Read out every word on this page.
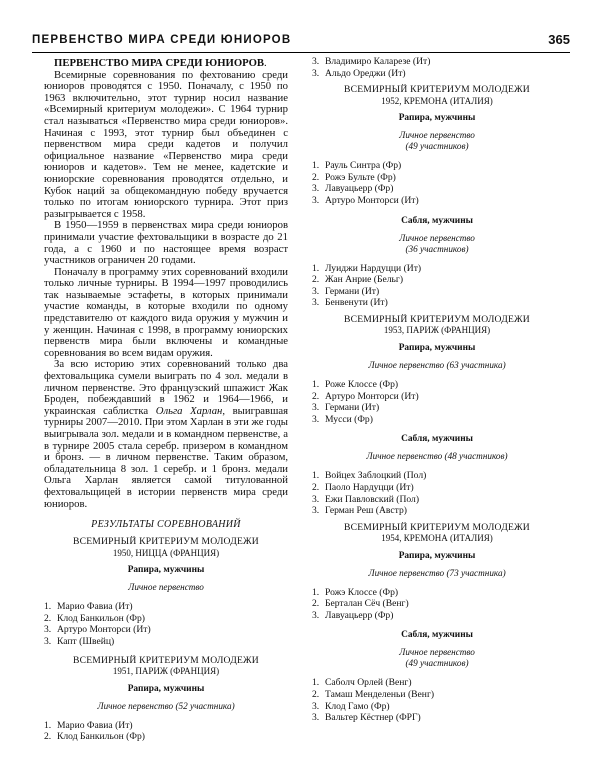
ПЕРВЕНСТВО МИРА СРЕДИ ЮНИОРОВ	365

ПЕРВЕНСТВО МИРА СРЕДИ ЮНИОРОВ.

Всемирные соревнования по фехтованию среди юниоров проводятся с 1950. Поначалу, с 1950 по 1963 включительно, этот турнир носил название «Всемирный критериум молодежи». С 1964 турнир стал называться «Первенство мира среди юниоров». Начиная с 1993, этот турнир был объединен с первенством мира среди кадетов и получил официальное название «Первенство мира среди юниоров и кадетов». Тем не менее, кадетские и юниорские соревнования проводятся отдельно, и Кубок наций за общекомандную победу вручается только по итогам юниорского турнира. Этот приз разыгрывается с 1958.

В 1950—1959 в первенствах мира среди юниоров принимали участие фехтовальщики в возрасте до 21 года, а с 1960 и по настоящее время возраст участников ограничен 20 годами.

Поначалу в программу этих соревнований входили только личные турниры. В 1994—1997 проводились так называемые эстафеты, в которых принимали участие команды, в которые входили по одному представителю от каждого вида оружия у мужчин и у женщин. Начиная с 1998, в программу юниорских первенств мира были включены и командные соревнования во всем видам оружия.

За всю историю этих соревнований только два фехтовальщика сумели выиграть по 4 зол. медали в личном первенстве. Это французский шпажист Жак Броден, побеждавший в 1962 и 1964—1966, и украинская саблистка Ольга Харлан, выигравшая турниры 2007—2010. При этом Харлан в эти же годы выигрывала зол. медали и в командном первенстве, а в турнире 2005 стала серебр. призером в командном и бронз. — в личном первенстве. Таким образом, обладательница 8 зол. 1 серебр. и 1 бронз. медали Ольга Харлан является самой титулованной фехтовальщицей в истории первенств мира среди юниоров.

РЕЗУЛЬТАТЫ СОРЕВНОВАНИЙ
ВСЕМИРНЫЙ КРИТЕРИУМ МОЛОДЕЖИ
1950, НИЦЦА (ФРАНЦИЯ)
Рапира, мужчины
Личное первенство
1. Марио Фавиа (Ит)
2. Клод Банкильон (Фр)
3. Артуро Монторси (Ит)
3. Капт (Швейц)
ВСЕМИРНЫЙ КРИТЕРИУМ МОЛОДЕЖИ
1951, ПАРИЖ (ФРАНЦИЯ)
Рапира, мужчины
Личное первенство (52 участника)
1. Марио Фавиа (Ит)
2. Клод Банкильон (Фр)
3. Владимиро Калaрезе (Ит)
3. Альдо Ореджи (Ит)
ВСЕМИРНЫЙ КРИТЕРИУМ МОЛОДЕЖИ
1952, КРЕМОНА (ИТАЛИЯ)
Рапира, мужчины
Личное первенство
(49 участников)
1. Рауль Синтра (Фр)
2. Рожэ Бульте (Фр)
3. Лавуацьерр (Фр)
3. Артуро Монторси (Ит)
Сабля, мужчины
Личное первенство
(36 участников)
1. Луиджи Нардуцци (Ит)
2. Жан Анрие (Бельг)
3. Германи (Ит)
3. Бенвенути (Ит)
ВСЕМИРНЫЙ КРИТЕРИУМ МОЛОДЕЖИ
1953, ПАРИЖ (ФРАНЦИЯ)
Рапира, мужчины
Личное первенство (63 участника)
1. Роже Клоссе (Фр)
2. Артуро Монторси (Ит)
3. Германи (Ит)
3. Мусси (Фр)
Сабля, мужчины
Личное первенство (48 участников)
1. Войцех Заблоцкий (Пол)
2. Паоло Нардуцци (Ит)
3. Ежи Павловский (Пол)
3. Герман Реш (Австр)
ВСЕМИРНЫЙ КРИТЕРИУМ МОЛОДЕЖИ
1954, КРЕМОНА (ИТАЛИЯ)
Рапира, мужчины
Личное первенство (73 участника)
1. Рожэ Клоссе (Фр)
2. Берталан Сёч (Венг)
3. Лавуацьерр (Фр)
Сабля, мужчины
Личное первенство
(49 участников)
1. Саболч Орлей (Венг)
2. Тамаш Менделеньи (Венг)
3. Клод Гамо (Фр)
3. Вальтер Кёстнер (ФРГ)
